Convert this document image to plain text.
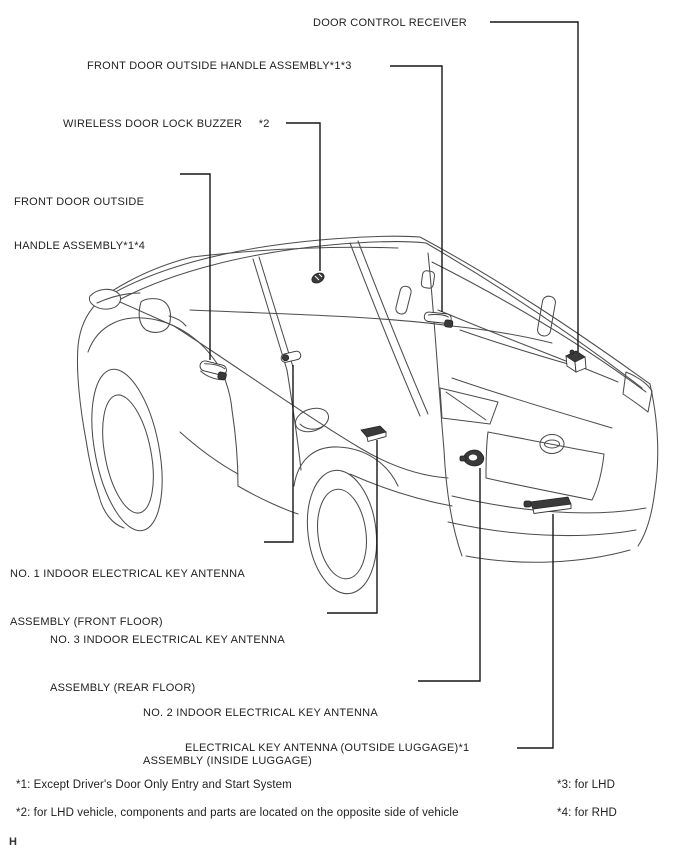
DOOR CONTROL RECEIVER
FRONT DOOR OUTSIDE HANDLE ASSEMBLY*1*3
WIRELESS DOOR LOCK BUZZER     *2

FRONT DOOR OUTSIDE

HANDLE ASSEMBLY*1*4

NO. 1 INDOOR ELECTRICAL KEY ANTENNA

ASSEMBLY (FRONT FLOOR)

NO. 3 INDOOR ELECTRICAL KEY ANTENNA

ASSEMBLY (REAR FLOOR)

NO. 2 INDOOR ELECTRICAL KEY ANTENNA

ASSEMBLY (INSIDE LUGGAGE)

ELECTRICAL KEY ANTENNA (OUTSIDE LUGGAGE)*1
*1: Except Driver's Door Only Entry and Start System	*3: for LHD
*2: for LHD vehicle, components and parts are located on the opposite side of vehicle	*4: for RHD
H
